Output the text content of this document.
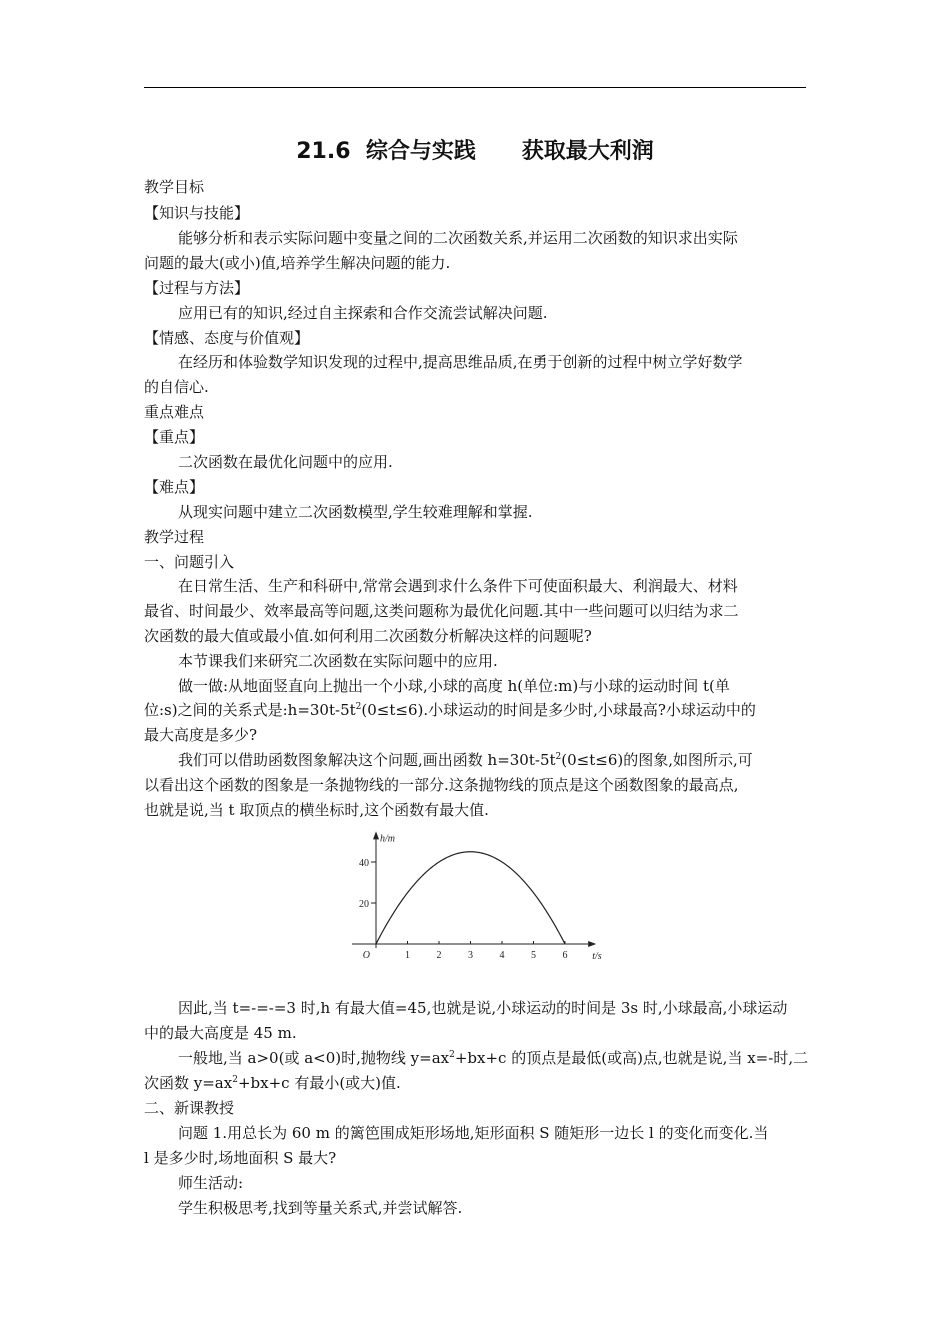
21.6  综合与实践      获取最大利润
教学目标
【知识与技能】
能够分析和表示实际问题中变量之间的二次函数关系,并运用二次函数的知识求出实际
问题的最大(或小)值,培养学生解决问题的能力.
【过程与方法】
应用已有的知识,经过自主探索和合作交流尝试解决问题.
【情感、态度与价值观】
在经历和体验数学知识发现的过程中,提高思维品质,在勇于创新的过程中树立学好数学
的自信心.
重点难点
【重点】
二次函数在最优化问题中的应用.
【难点】
从现实问题中建立二次函数模型,学生较难理解和掌握.
教学过程
一、问题引入
在日常生活、生产和科研中,常常会遇到求什么条件下可使面积最大、利润最大、材料
最省、时间最少、效率最高等问题,这类问题称为最优化问题.其中一些问题可以归结为求二
次函数的最大值或最小值.如何利用二次函数分析解决这样的问题呢?
本节课我们来研究二次函数在实际问题中的应用.
做一做:从地面竖直向上抛出一个小球,小球的高度 h(单位:m)与小球的运动时间 t(单
位:s)之间的关系式是$:h=30t-5t^2(0\le t\le 6)$.小球运动的时间是多少时,小球最高?小球运动中的
最大高度是多少?
我们可以借助函数图象解决这个问题,画出函数 $h=30t-5t^2(0\le t\le 6)$的图象,如图所示,可
以看出这个函数的图象是一条抛物线的一部分.这条抛物线的顶点是这个函数图象的最高点,
也就是说,当 t 取顶点的横坐标时,这个函数有最大值.
1	2	3	4	5	6
20
40
O	t/s
h/m
因此,当 t=-=-=3 时,h 有最大值=45,也就是说,小球运动的时间是 3s 时,小球最高,小球运动
中的最大高度是 45 m.
一般地,当 a>0(或 a<0)时,抛物线 $y=ax^2+bx+c$ 的顶点是最低(或高)点,也就是说,当 x=-时,二
次函数 $y=ax^2+bx+c$ 有最小(或大)值.
二、新课教授
问题 1.用总长为 60 m 的篱笆围成矩形场地,矩形面积 S 随矩形一边长 l 的变化而变化.当
l 是多少时,场地面积 S 最大?
师生活动:
学生积极思考,找到等量关系式,并尝试解答.
